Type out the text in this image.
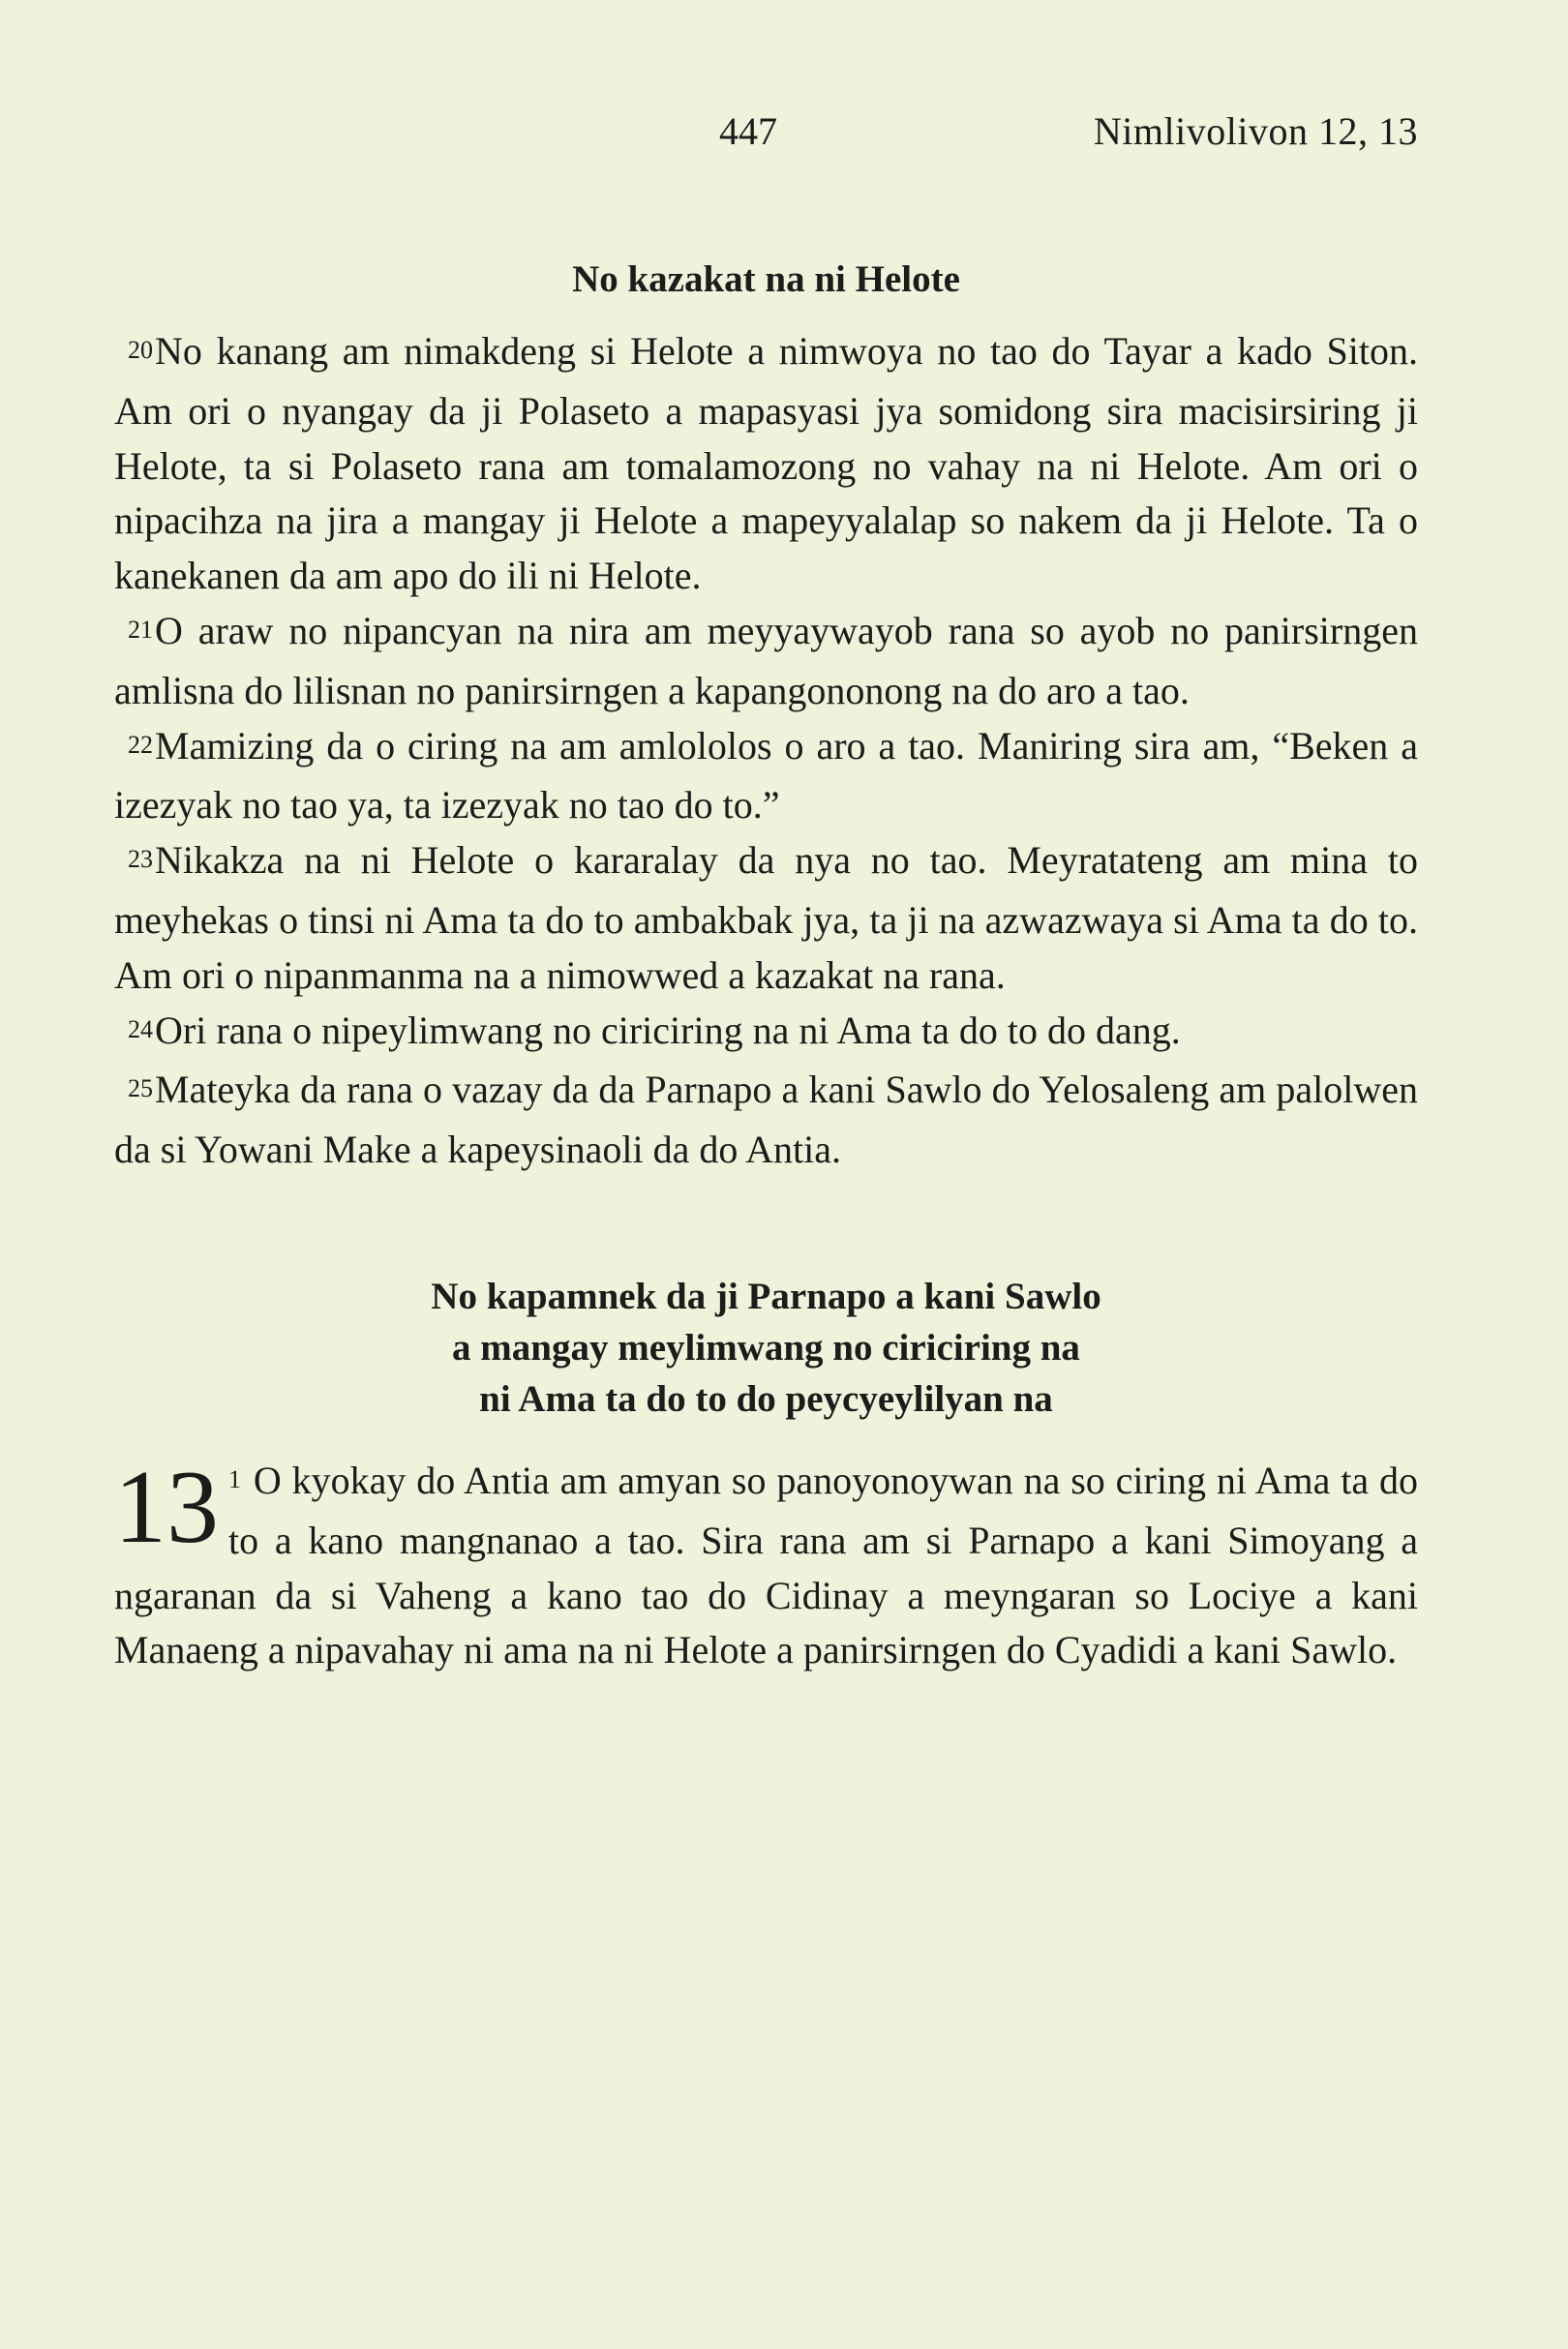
447	Nimlivolivon 12, 13
No kazakat na ni Helote

20No kanang am nimakdeng si Helote a nimwoya no tao do Tayar a kado Siton. Am ori o nyangay da ji Polaseto a mapasyasi jya somidong sira macisirsiring ji Helote, ta si Polaseto rana am tomalamozong no vahay na ni Helote. Am ori o nipacihza na jira a mangay ji Helote a mapeyyalalap so nakem da ji Helote. Ta o kanekanen da am apo do ili ni Helote.

21O araw no nipancyan na nira am meyyaywayob rana so ayob no panirsirngen amlisna do lilisnan no panirsirngen a kapangononong na do aro a tao.

22Mamizing da o ciring na am amlololos o aro a tao. Maniring sira am, “Beken a izezyak no tao ya, ta izezyak no tao do to.”

23Nikakza na ni Helote o kararalay da nya no tao. Meyratateng am mina to meyhekas o tinsi ni Ama ta do to ambakbak jya, ta ji na azwazwaya si Ama ta do to. Am ori o nipanmanma na a nimowwed a kazakat na rana.

24Ori rana o nipeylimwang no ciriciring na ni Ama ta do to do dang.

25Mateyka da rana o vazay da da Parnapo a kani Sawlo do Yelosaleng am palolwen da si Yowani Make a kapeysinaoli da do Antia.

No kapamnek da ji Parnapo a kani Sawlo
a mangay meylimwang no ciriciring na
ni Ama ta do to do peycyeylilyan na

13 1 O kyokay do Antia am amyan so panoyonoywan na so ciring ni Ama ta do to a kano mangnanao a tao. Sira rana am si Parnapo a kani Simoyang a ngaranan da si Vaheng a kano tao do Cidinay a meyngaran so Lociye a kani Manaeng a nipavahay ni ama na ni Helote a panirsirngen do Cyadidi a kani Sawlo.
